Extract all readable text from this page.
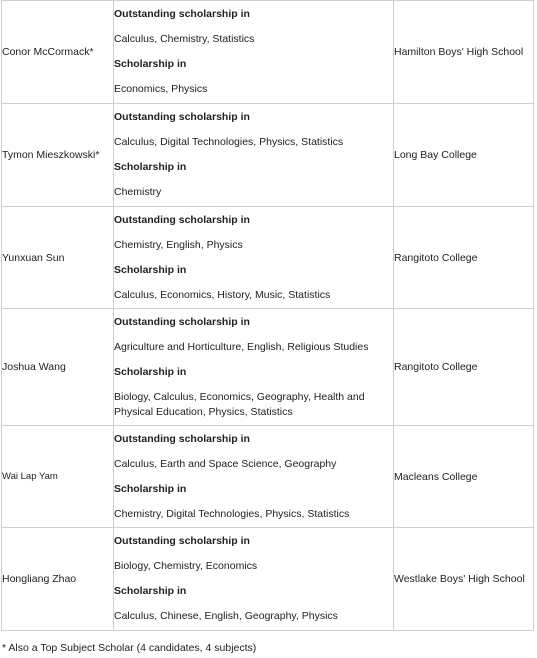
Conor McCormack*	Outstanding scholarship in

Calculus, Chemistry, Statistics

Scholarship in

Economics, Physics	Hamilton Boys' High School
Tymon Mieszkowski*	Outstanding scholarship in

Calculus, Digital Technologies, Physics, Statistics

Scholarship in

Chemistry	Long Bay College
Yunxuan Sun	Outstanding scholarship in

Chemistry, English, Physics

Scholarship in

Calculus, Economics, History, Music, Statistics	Rangitoto College
Joshua Wang	Outstanding scholarship in

Agriculture and Horticulture, English, Religious Studies

Scholarship in

Biology, Calculus, Economics, Geography, Health and Physical Education, Physics, Statistics	Rangitoto College
Wai Lap Yam	Outstanding scholarship in

Calculus, Earth and Space Science, Geography

Scholarship in

Chemistry, Digital Technologies, Physics, Statistics	Macleans College
Hongliang Zhao	Outstanding scholarship in

Biology, Chemistry, Economics

Scholarship in

Calculus, Chinese, English, Geography, Physics	Westlake Boys' High School
* Also a Top Subject Scholar (4 candidates, 4 subjects)
